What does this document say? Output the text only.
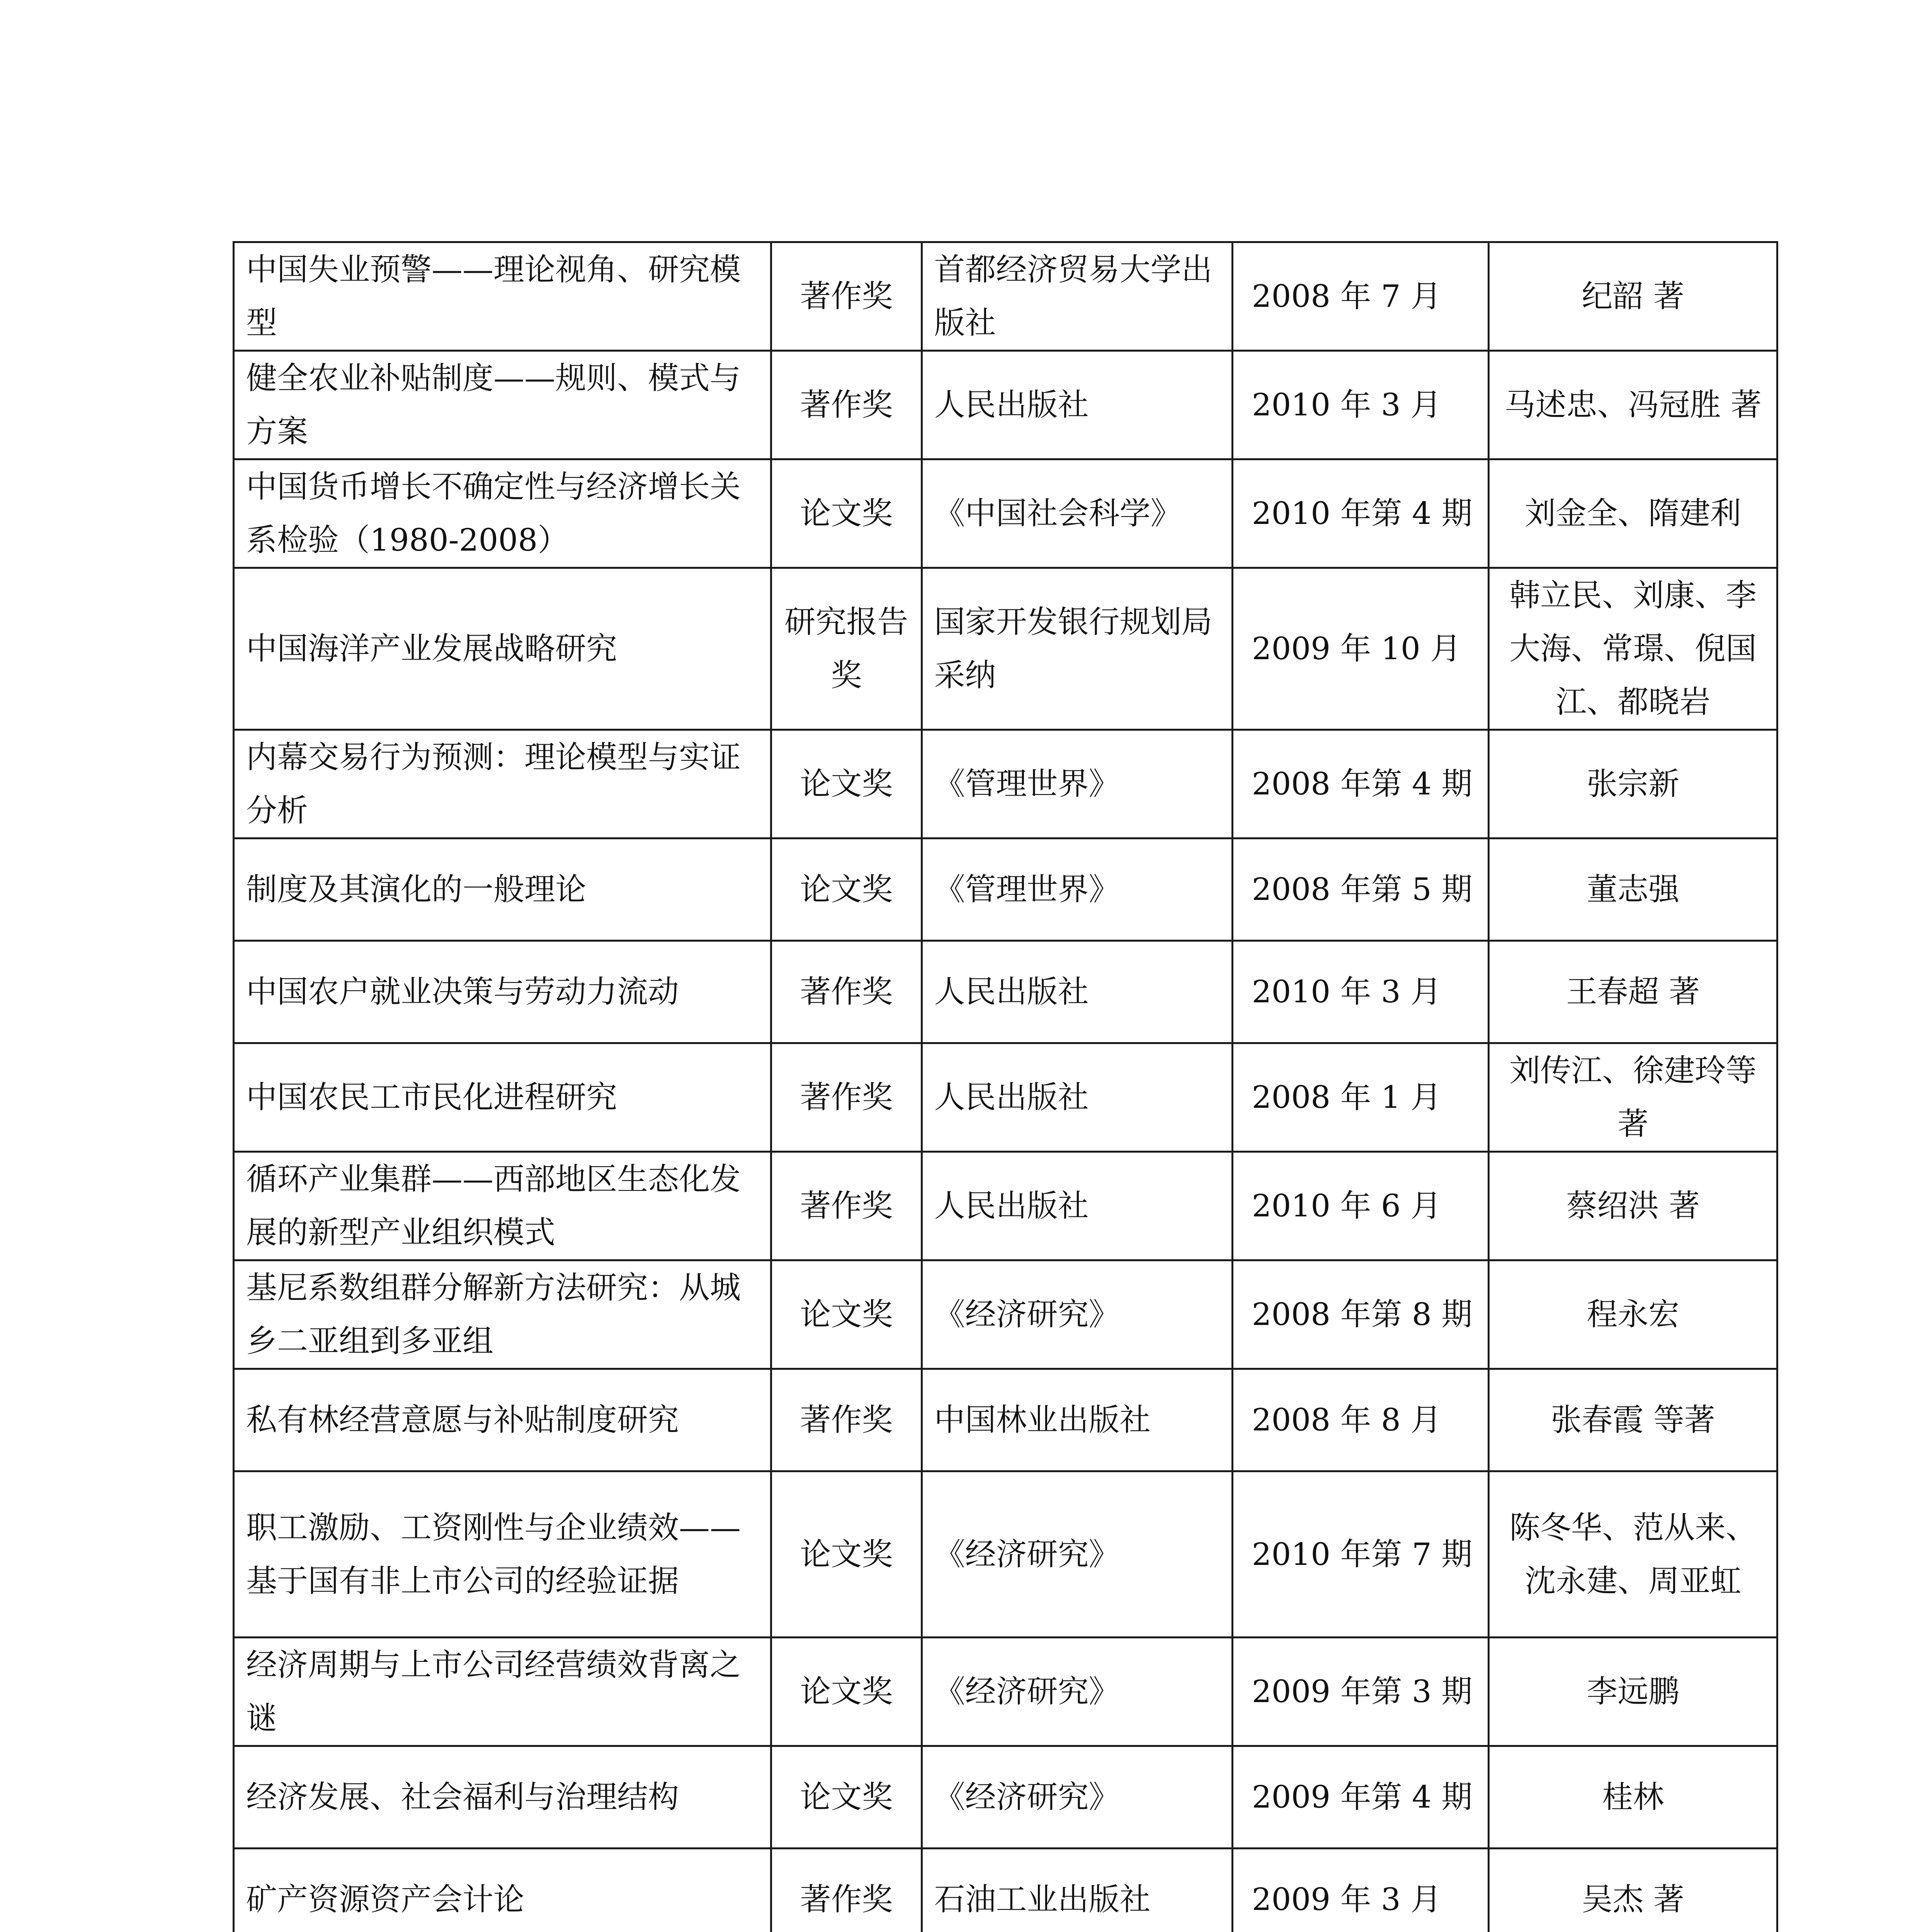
中国失业预警——理论视角、研究模型	著作奖	首都经济贸易大学出版社	2008 年 7 月	纪韶 著
健全农业补贴制度——规则、模式与方案	著作奖	人民出版社	2010 年 3 月	马述忠、冯冠胜 著
中国货币增长不确定性与经济增长关系检验（1980-2008）	论文奖	《中国社会科学》	2010 年第 4 期	刘金全、隋建利
中国海洋产业发展战略研究	研究报告奖	国家开发银行规划局采纳	2009 年 10 月	韩立民、刘康、李大海、常璟、倪国江、都晓岩
内幕交易行为预测：理论模型与实证分析	论文奖	《管理世界》	2008 年第 4 期	张宗新
制度及其演化的一般理论	论文奖	《管理世界》	2008 年第 5 期	董志强
中国农户就业决策与劳动力流动	著作奖	人民出版社	2010 年 3 月	王春超 著
中国农民工市民化进程研究	著作奖	人民出版社	2008 年 1 月	刘传江、徐建玲等著
循环产业集群——西部地区生态化发展的新型产业组织模式	著作奖	人民出版社	2010 年 6 月	蔡绍洪 著
基尼系数组群分解新方法研究：从城乡二亚组到多亚组	论文奖	《经济研究》	2008 年第 8 期	程永宏
私有林经营意愿与补贴制度研究	著作奖	中国林业出版社	2008 年 8 月	张春霞 等著
职工激励、工资刚性与企业绩效——基于国有非上市公司的经验证据	论文奖	《经济研究》	2010 年第 7 期	陈冬华、范从来、沈永建、周亚虹
经济周期与上市公司经营绩效背离之谜	论文奖	《经济研究》	2009 年第 3 期	李远鹏
经济发展、社会福利与治理结构	论文奖	《经济研究》	2009 年第 4 期	桂林
矿产资源资产会计论	著作奖	石油工业出版社	2009 年 3 月	吴杰 著
